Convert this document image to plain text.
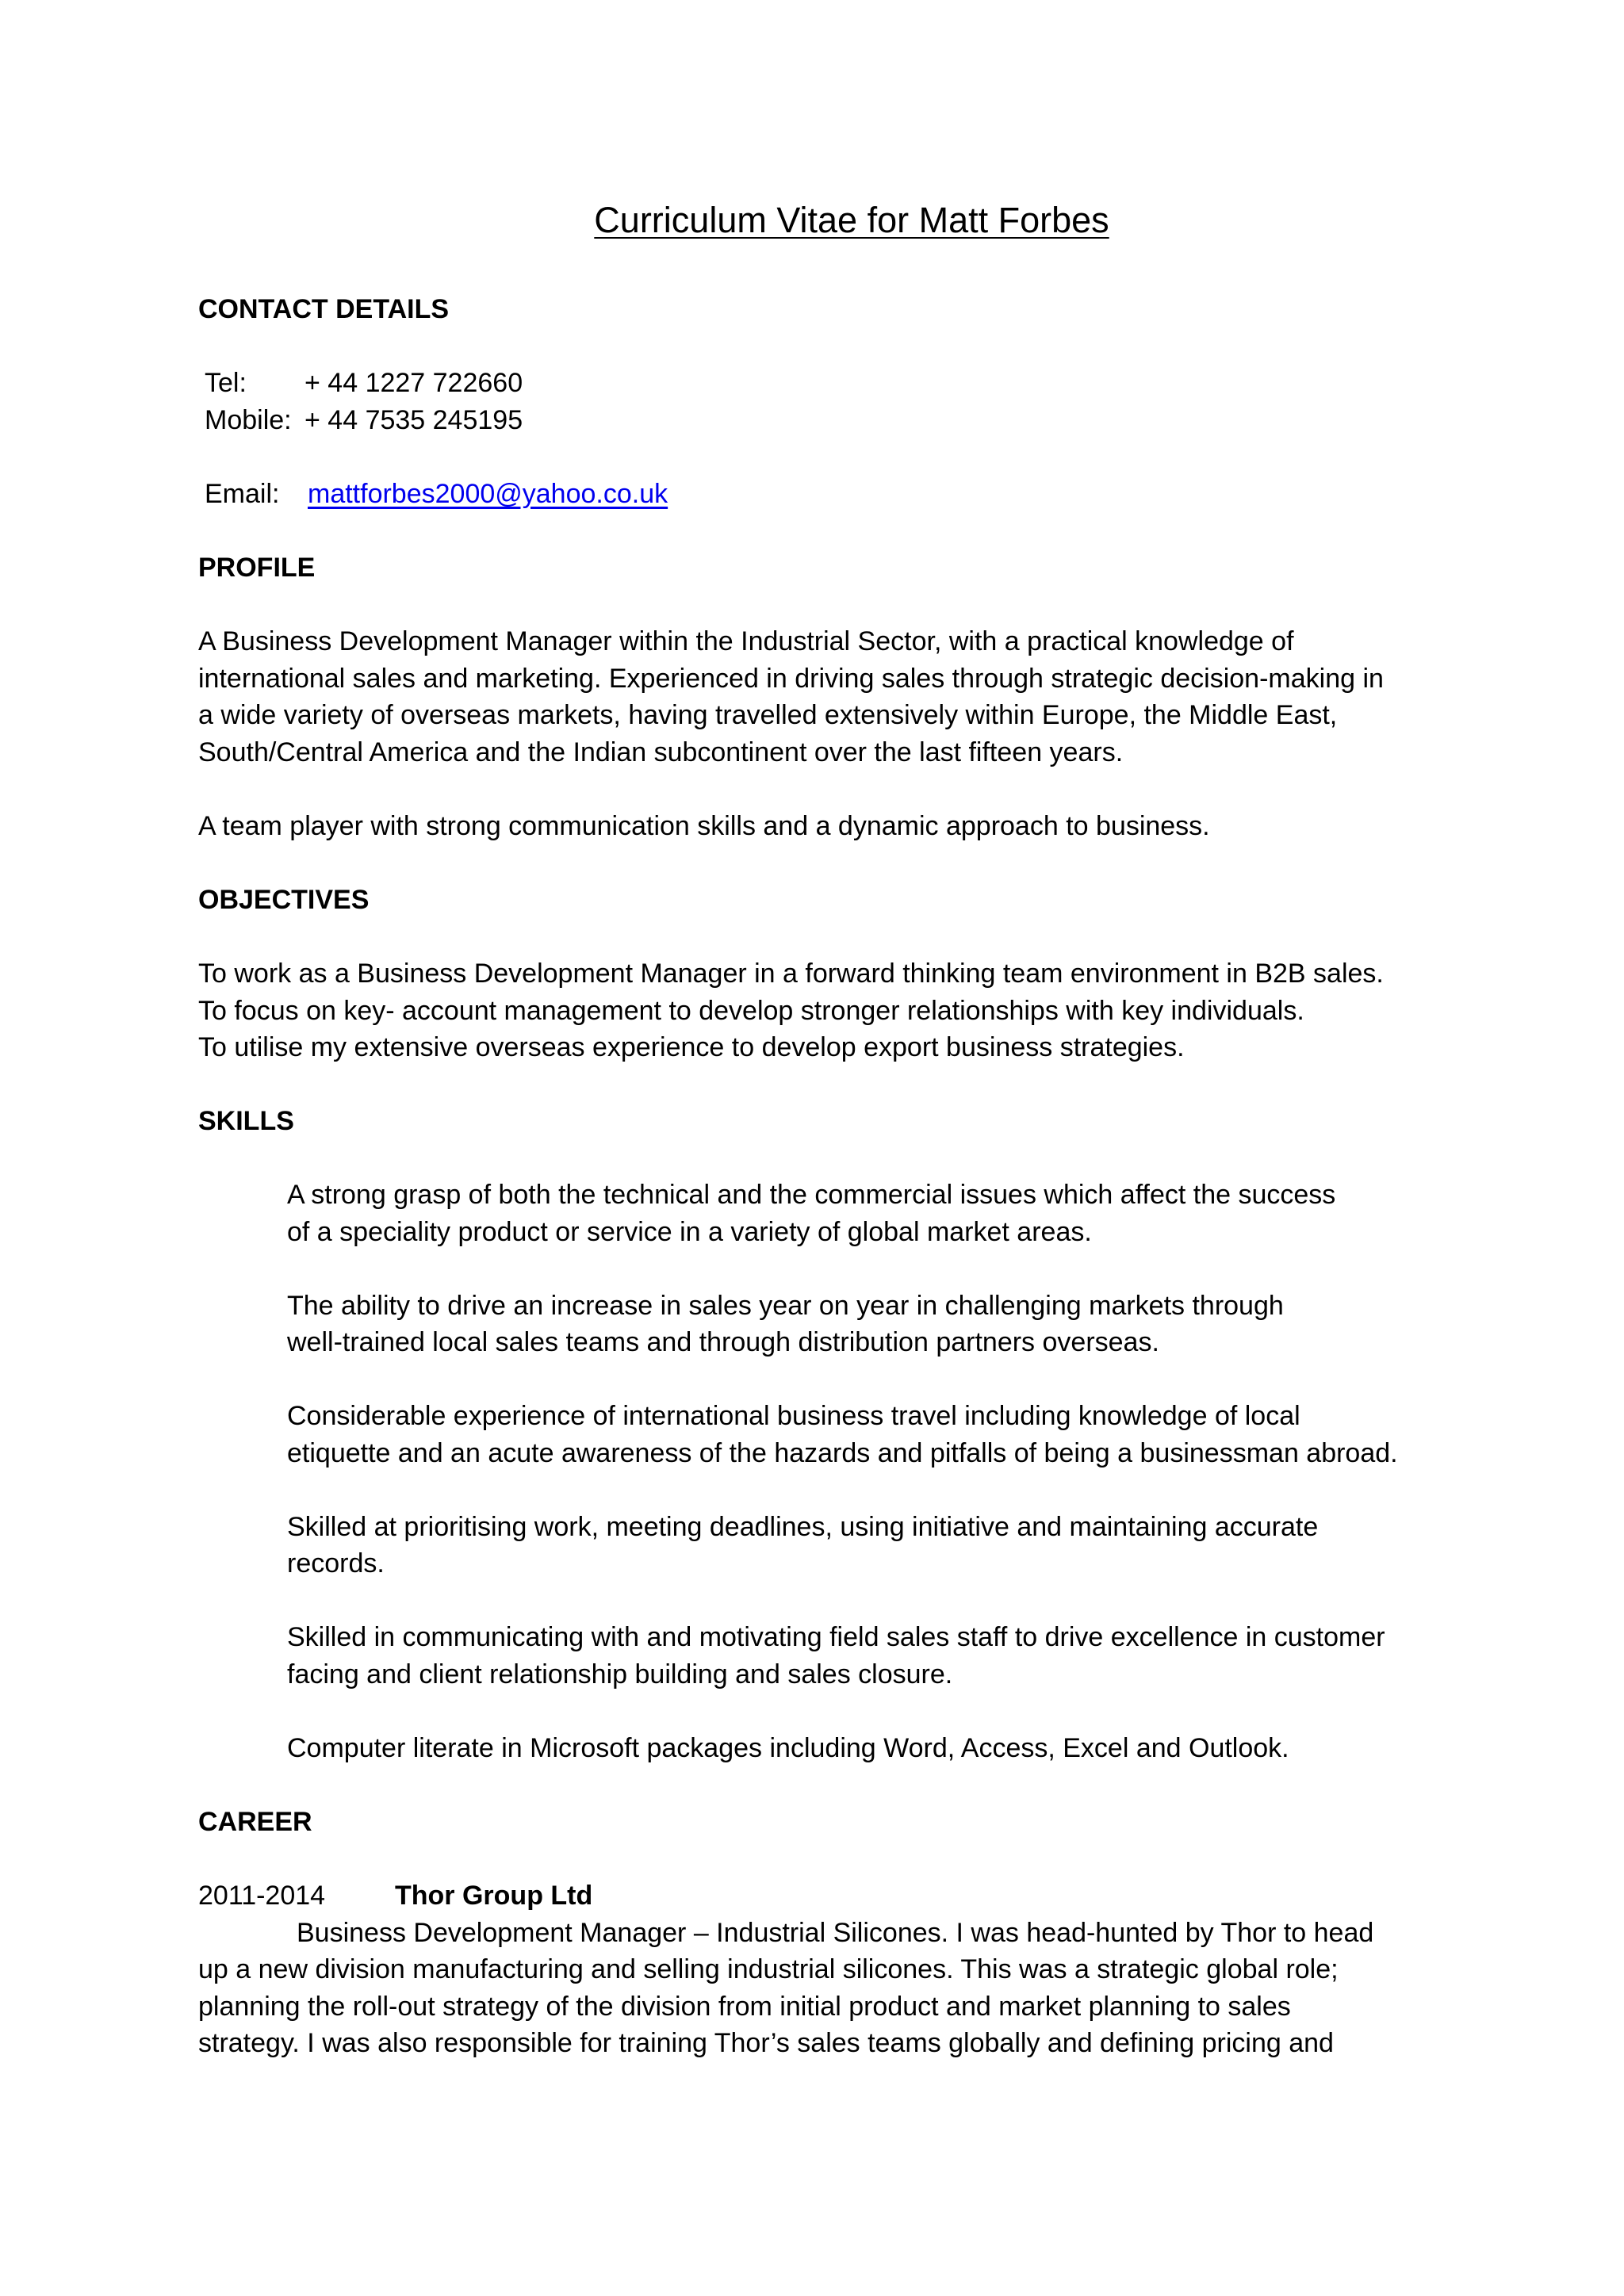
Curriculum Vitae for Matt Forbes
CONTACT DETAILS
Tel: + 44 1227 722660
Mobile: + 44 7535 245195
Email: mattforbes2000@yahoo.co.uk
PROFILE

A Business Development Manager within the Industrial Sector, with a practical knowledge of

international sales and marketing. Experienced in driving sales through strategic decision-making in

a wide variety of overseas markets, having travelled extensively within Europe, the Middle East,

South/Central America and the Indian subcontinent over the last fifteen years.

A team player with strong communication skills and a dynamic approach to business.

OBJECTIVES

To work as a Business Development Manager in a forward thinking team environment in B2B sales.

To focus on key- account management to develop stronger relationships with key individuals.

To utilise my extensive overseas experience to develop export business strategies.

SKILLS

A strong grasp of both the technical and the commercial issues which affect the success

of a speciality product or service in a variety of global market areas.

The ability to drive an increase in sales year on year in challenging markets through

well-trained local sales teams and through distribution partners overseas.

Considerable experience of international business travel including knowledge of local

etiquette and an acute awareness of the hazards and pitfalls of being a businessman abroad.

Skilled at prioritising work, meeting deadlines, using initiative and maintaining accurate

records.

Skilled in communicating with and motivating field sales staff to drive excellence in customer

facing and client relationship building and sales closure.

Computer literate in Microsoft packages including Word, Access, Excel and Outlook.

CAREER
2011-2014	Thor Group Ltd

Business Development Manager – Industrial Silicones. I was head-hunted by Thor to head

up a new division manufacturing and selling industrial silicones. This was a strategic global role;

planning the roll-out strategy of the division from initial product and market planning to sales

strategy. I was also responsible for training Thor’s sales teams globally and defining pricing and
